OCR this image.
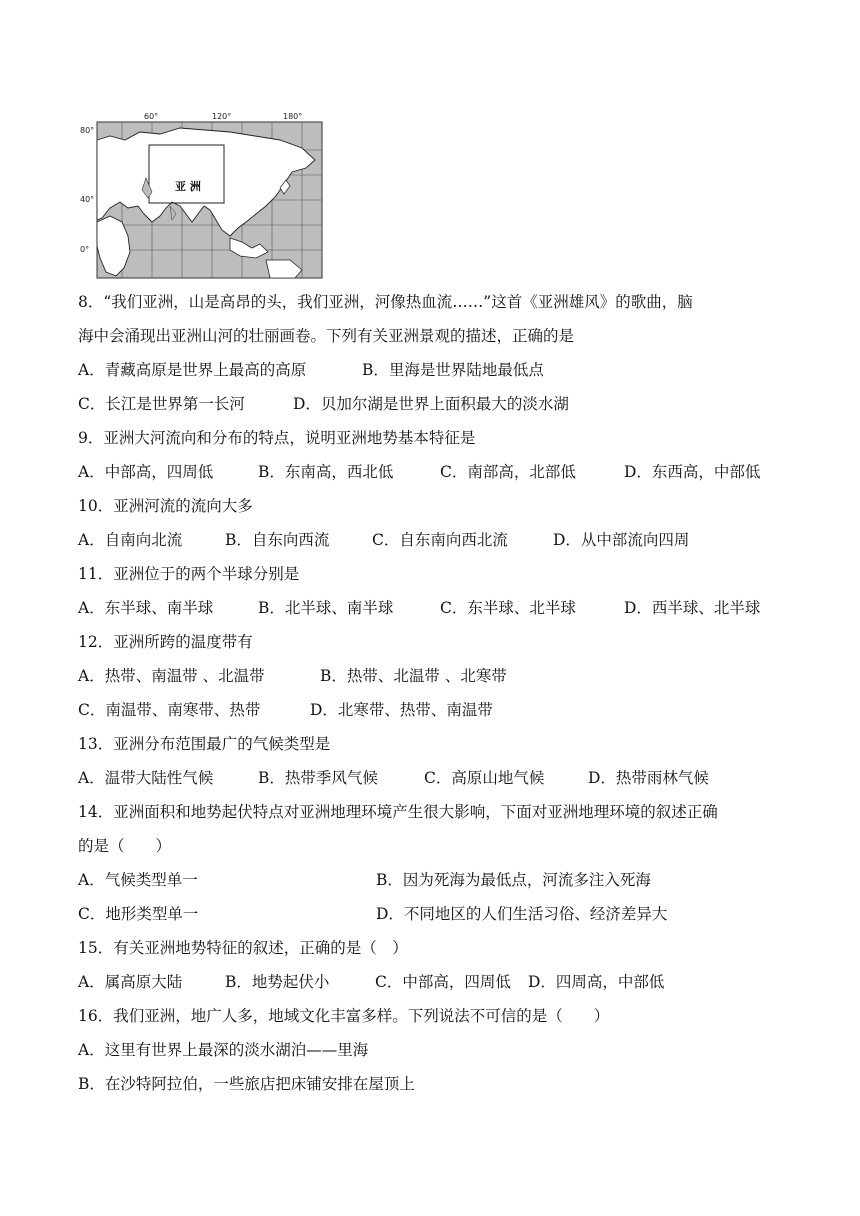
60°	120°	180°
80°
40°
0°
亚 洲
8．“我们亚洲，山是高昂的头，我们亚洲，河像热血流……”这首《亚洲雄风》的歌曲，脑
海中会涌现出亚洲山河的壮丽画卷。下列有关亚洲景观的描述，正确的是
A．青藏高原是世界上最高的高原	B．里海是世界陆地最低点
C．长江是世界第一长河	D．贝加尔湖是世界上面积最大的淡水湖
9．亚洲大河流向和分布的特点，说明亚洲地势基本特征是
A．中部高，四周低	B．东南高，西北低	C．南部高，北部低	D．东西高，中部低
10．亚洲河流的流向大多
A．自南向北流	B．自东向西流	C．自东南向西北流	D．从中部流向四周
11．亚洲位于的两个半球分别是
A．东半球、南半球	B．北半球、南半球	C．东半球、北半球	D．西半球、北半球
12．亚洲所跨的温度带有
A．热带、南温带 、北温带	B．热带、北温带 、北寒带
C．南温带、南寒带、热带	D．北寒带、热带、南温带
13．亚洲分布范围最广的气候类型是
A．温带大陆性气候	B．热带季风气候	C．高原山地气候	D．热带雨林气候
14．亚洲面积和地势起伏特点对亚洲地理环境产生很大影响，下面对亚洲地理环境的叙述正确
的是（　　）
A．气候类型单一	B．因为死海为最低点，河流多注入死海
C．地形类型单一	D．不同地区的人们生活习俗、经济差异大
15．有关亚洲地势特征的叙述，正确的是（　）
A．属高原大陆	B．地势起伏小	C．中部高，四周低 D．四周高，中部低
16．我们亚洲，地广人多，地域文化丰富多样。下列说法不可信的是（　　）
A．这里有世界上最深的淡水湖泊——里海
B．在沙特阿拉伯，一些旅店把床铺安排在屋顶上
